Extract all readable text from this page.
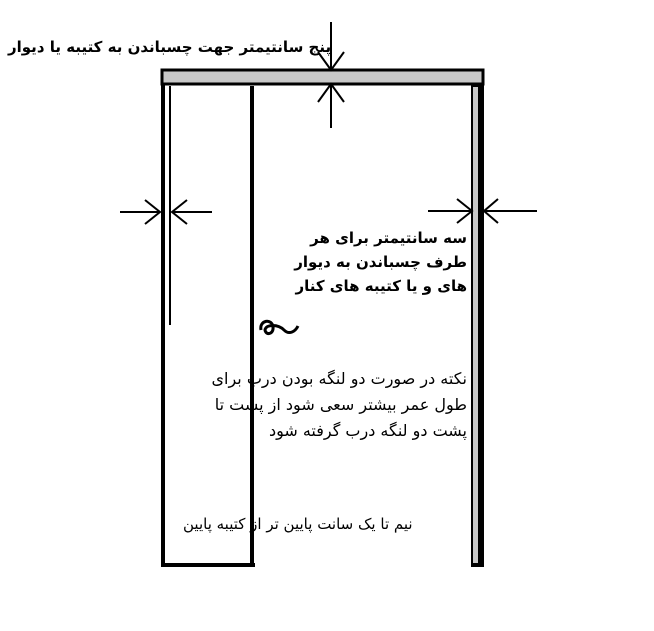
پنج سانتیمتر جهت چسباندن به کتیبه یا دیوار
سه سانتیمتر برای هر طرف چسباندن به دیوار های و یا کتیبه های کنار
نکته در صورت دو لنگه بودن درب برای طول عمر بیشتر سعی شود از پشت تا پشت دو لنگه درب گرفته شود
نیم تا یک سانت پایین تر از کتیبه پایین
